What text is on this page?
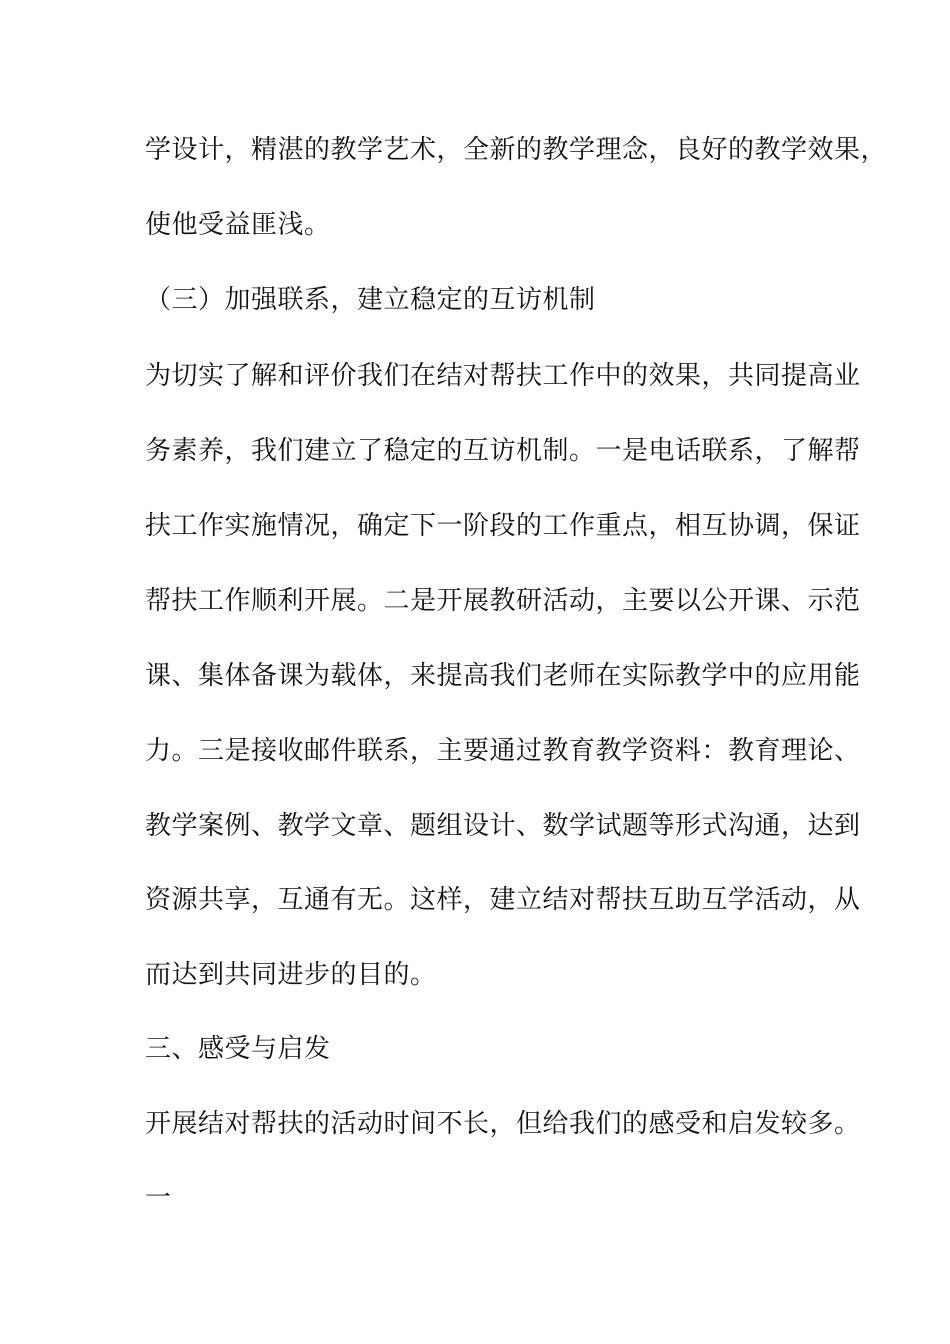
学设计，精湛的教学艺术，全新的教学理念，良好的教学效果，
使他受益匪浅。
（三）加强联系，建立稳定的互访机制
为切实了解和评价我们在结对帮扶工作中的效果，共同提高业
务素养，我们建立了稳定的互访机制。一是电话联系，了解帮
扶工作实施情况，确定下一阶段的工作重点，相互协调，保证
帮扶工作顺利开展。二是开展教研活动，主要以公开课、示范
课、集体备课为载体，来提高我们老师在实际教学中的应用能
力。三是接收邮件联系，主要通过教育教学资料：教育理论、
教学案例、教学文章、题组设计、数学试题等形式沟通，达到
资源共享，互通有无。这样，建立结对帮扶互助互学活动，从
而达到共同进步的目的。
三、感受与启发
开展结对帮扶的活动时间不长，但给我们的感受和启发较多。
一
